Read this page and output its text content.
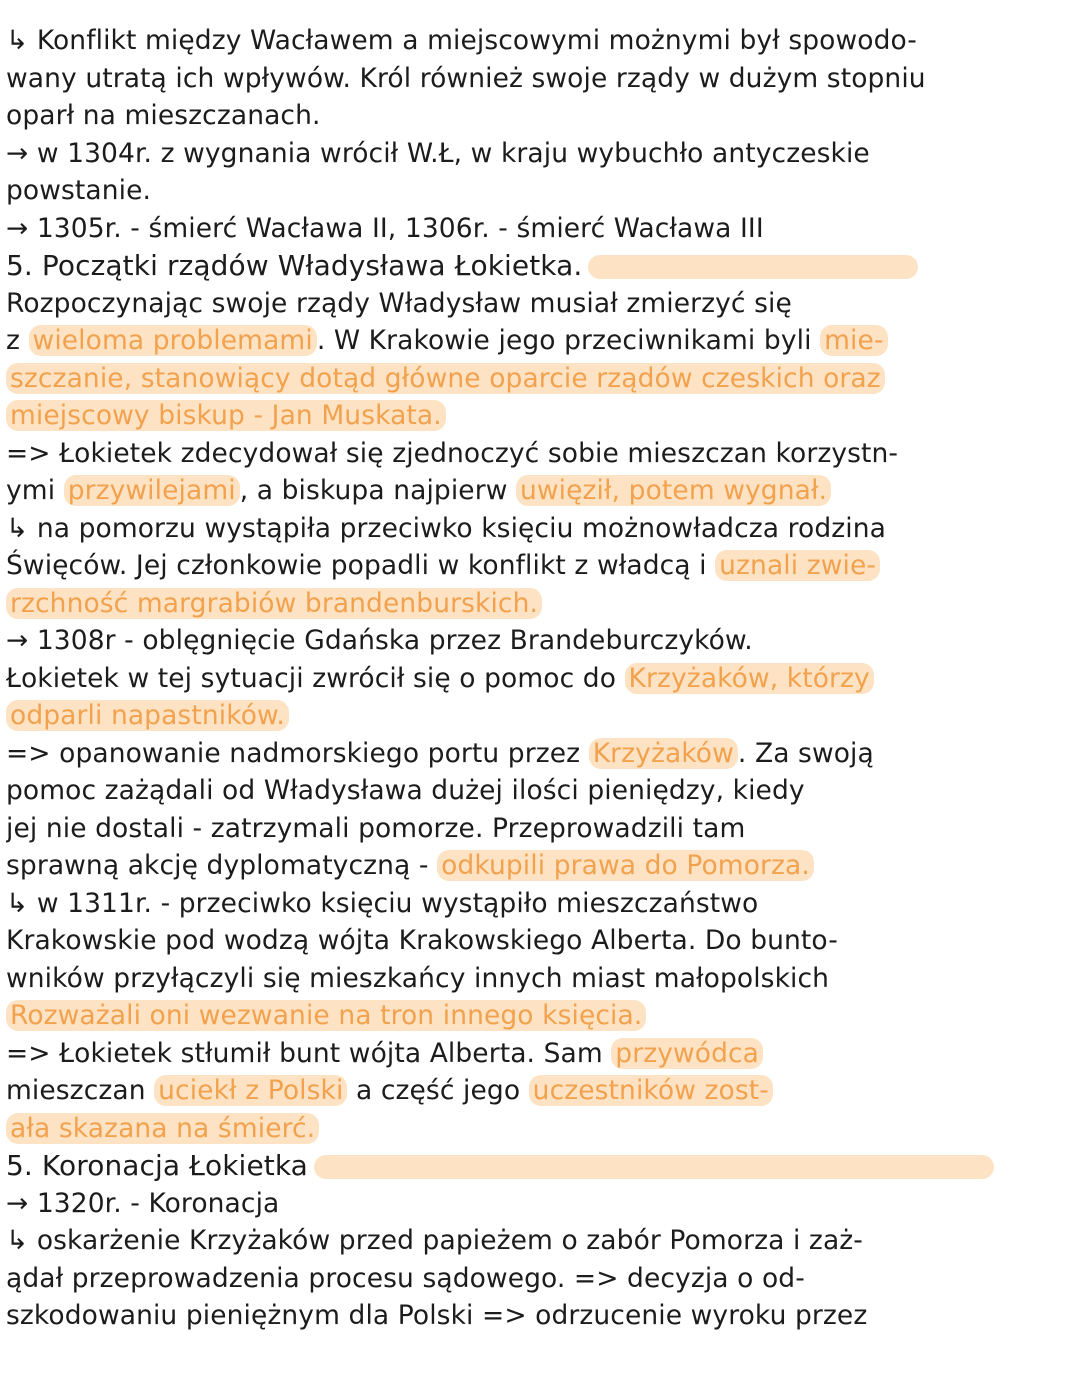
↳ Konflikt między Wacławem a miejscowymi możnymi był spowodo-
wany utratą ich wpływów. Król również swoje rządy w dużym stopniu
oparł na mieszczanach.
→ w 1304r. z wygnania wrócił W.Ł, w kraju wybuchło antyczeskie
powstanie.
→ 1305r. - śmierć Wacława II, 1306r. - śmierć Wacława III
5. Początki rządów Władysława Łokietka.
Rozpoczynając swoje rządy Władysław musiał zmierzyć się
z wieloma problemami . W Krakowie jego przeciwnikami byli mie-
szczanie, stanowiący dotąd główne oparcie rządów czeskich oraz
miejscowy biskup - Jan Muskata.
=> Łokietek zdecydował się zjednoczyć sobie mieszczan korzystn-
ymi przywilejami , a biskupa najpierw uwięził, potem wygnał.
↳ na pomorzu wystąpiła przeciwko księciu możnowładcza rodzina
Święców. Jej członkowie popadli w konflikt z władcą i uznali zwie-
rzchność margrabiów brandenburskich.
→ 1308r - oblęgnięcie Gdańska przez Brandeburczyków.
Łokietek w tej sytuacji zwrócił się o pomoc do Krzyżaków, którzy
odparli napastników.
=> opanowanie nadmorskiego portu przez Krzyżaków . Za swoją
pomoc zażądali od Władysława dużej ilości pieniędzy, kiedy
jej nie dostali - zatrzymali pomorze. Przeprowadzili tam
sprawną akcję dyplomatyczną - odkupili prawa do Pomorza.
↳ w 1311r. - przeciwko księciu wystąpiło mieszczaństwo
Krakowskie pod wodzą wójta Krakowskiego Alberta. Do bunto-
wników przyłączyli się mieszkańcy innych miast małopolskich
Rozważali oni wezwanie na tron innego księcia.
=> Łokietek stłumił bunt wójta Alberta. Sam przywódca
mieszczan uciekł z Polski a część jego uczestników zost-
ała skazana na śmierć.
5. Koronacja Łokietka
→ 1320r. - Koronacja
↳ oskarżenie Krzyżaków przed papieżem o zabór Pomorza i zaż-
ądał przeprowadzenia procesu sądowego. => decyzja o od-
szkodowaniu pieniężnym dla Polski => odrzucenie wyroku przez
